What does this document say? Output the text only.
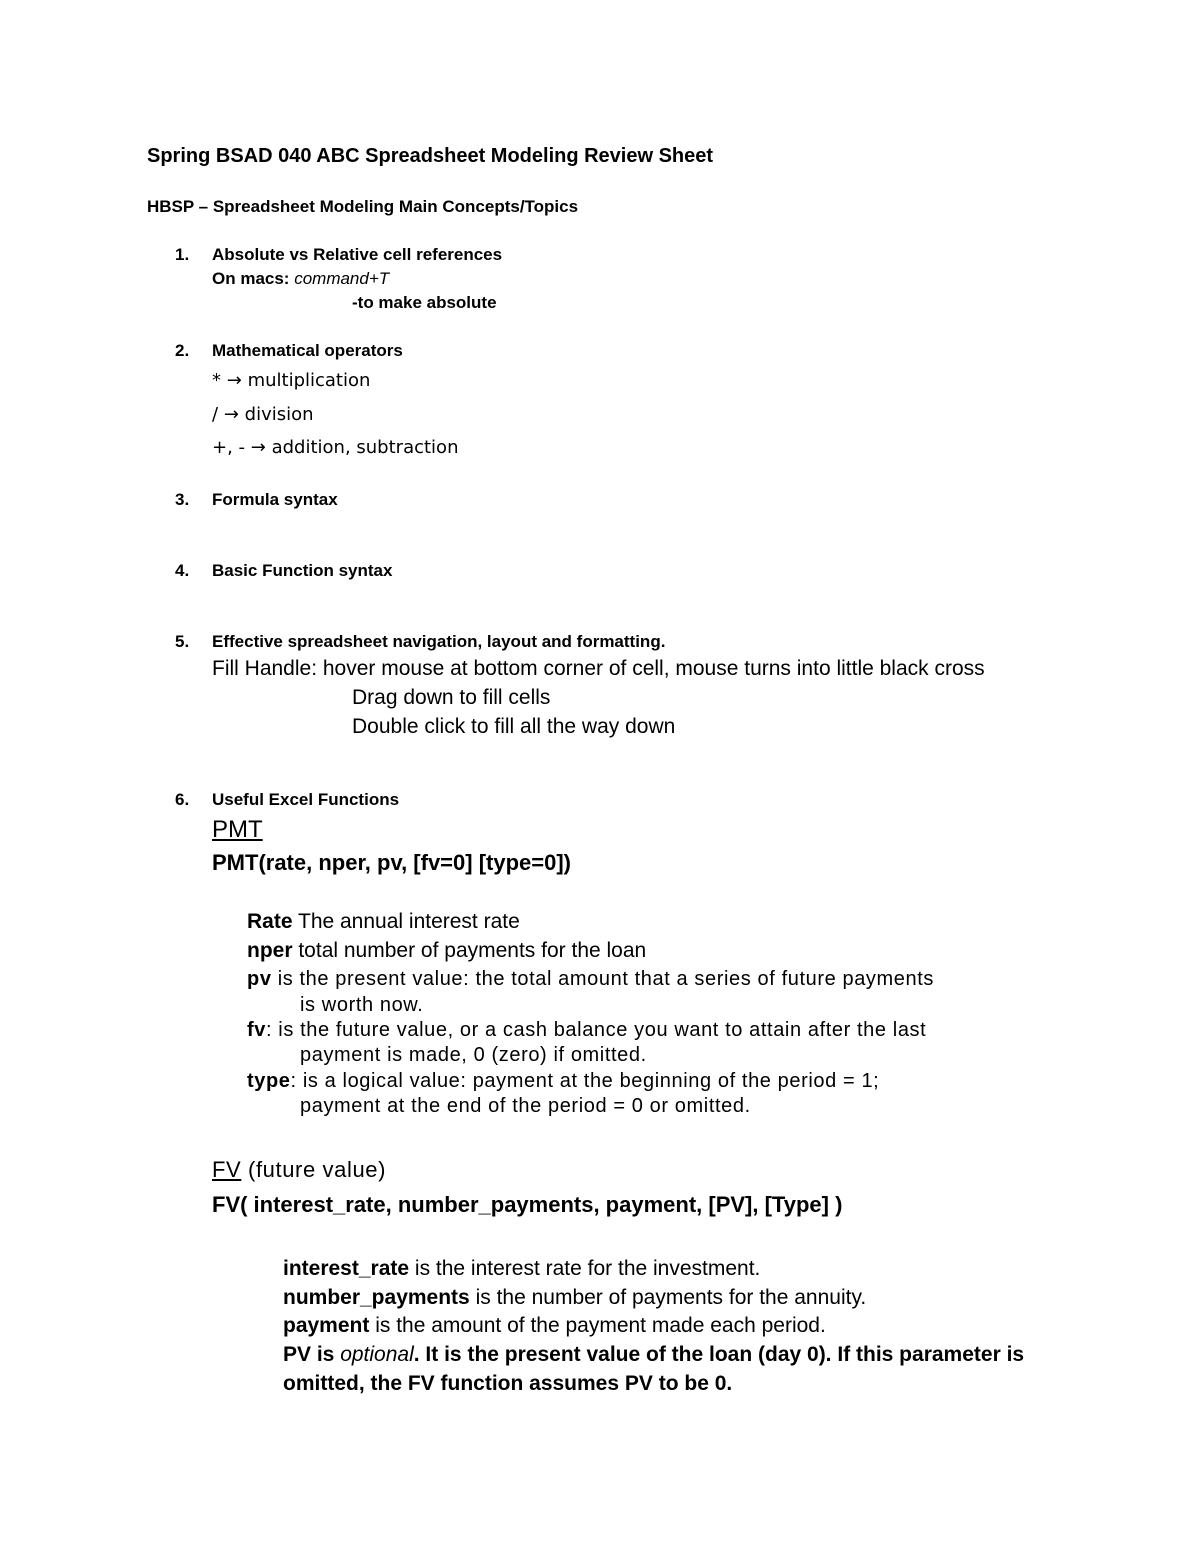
Spring BSAD 040 ABC Spreadsheet Modeling Review Sheet
HBSP – Spreadsheet Modeling Main Concepts/Topics
1. Absolute vs Relative cell references
On macs: command+T
-to make absolute
2. Mathematical operators
* → multiplication
/ → division
+, - → addition, subtraction
3. Formula syntax
4. Basic Function syntax
5. Effective spreadsheet navigation, layout and formatting.
Fill Handle: hover mouse at bottom corner of cell, mouse turns into little black cross
Drag down to fill cells
Double click to fill all the way down
6. Useful Excel Functions
PMT
PMT(rate, nper, pv, [fv=0] [type=0])
Rate The annual interest rate
nper total number of payments for the loan
pv is the present value: the total amount that a series of future payments
is worth now.
fv: is the future value, or a cash balance you want to attain after the last
payment is made, 0 (zero) if omitted.
type: is a logical value: payment at the beginning of the period = 1;
payment at the end of the period = 0 or omitted.
FV (future value)
FV( interest_rate, number_payments, payment, [PV], [Type] )
interest_rate is the interest rate for the investment.
number_payments is the number of payments for the annuity.
payment is the amount of the payment made each period.
PV is optional. It is the present value of the loan (day 0). If this parameter is
omitted, the FV function assumes PV to be 0.
